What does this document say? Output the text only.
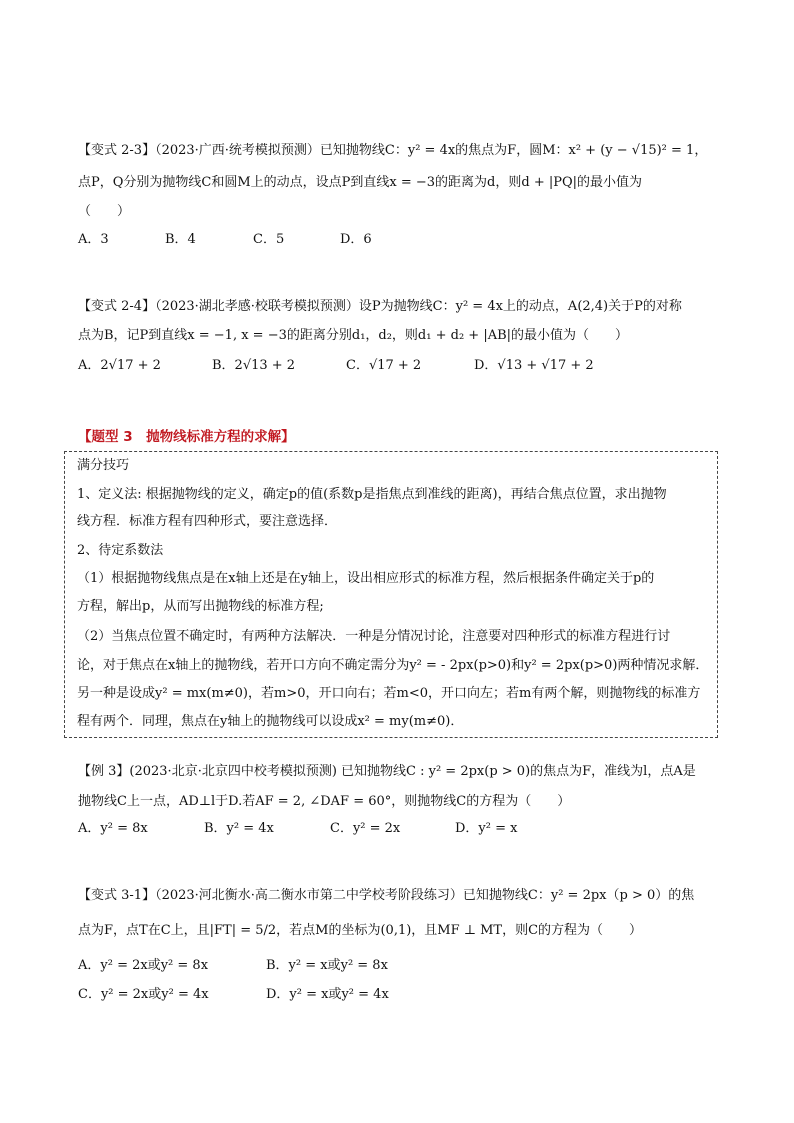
【变式 2-3】（2023·广西·统考模拟预测）已知抛物线C：y² = 4x的焦点为F，圆M：x² + (y − √15)² = 1，
点P，Q分别为抛物线C和圆M上的动点，设点P到直线x = −3的距离为d，则d + |PQ|的最小值为
（　　）
A．3	B．4	C．5	D．6
【变式 2-4】（2023·湖北孝感·校联考模拟预测）设P为抛物线C：y² = 4x上的动点，A(2,4)关于P的对称
点为B，记P到直线x = −1, x = −3的距离分别d₁，d₂，则d₁ + d₂ + |AB|的最小值为（　　）
A．2√17 + 2	B．2√13 + 2	C．√17 + 2	D．√13 + √17 + 2
【题型 3　抛物线标准方程的求解】
满分技巧
1、定义法: 根据抛物线的定义，确定p的值(系数p是指焦点到准线的距离)，再结合焦点位置，求出抛物
线方程．标准方程有四种形式，要注意选择．
2、待定系数法
（1）根据抛物线焦点是在x轴上还是在y轴上，设出相应形式的标准方程，然后根据条件确定关于p的
方程，解出p，从而写出抛物线的标准方程;
（2）当焦点位置不确定时，有两种方法解决．一种是分情况讨论，注意要对四种形式的标准方程进行讨
论，对于焦点在x轴上的抛物线，若开口方向不确定需分为y² = - 2px(p>0)和y² = 2px(p>0)两种情况求解．
另一种是设成y² = mx(m≠0)，若m>0，开口向右；若m<0，开口向左；若m有两个解，则抛物线的标准方
程有两个．同理，焦点在y轴上的抛物线可以设成x² = my(m≠0)．
【例 3】(2023·北京·北京四中校考模拟预测) 已知抛物线C : y² = 2px(p > 0)的焦点为F，准线为l，点A是
抛物线C上一点，AD⊥l于D.若AF = 2, ∠DAF = 60°，则抛物线C的方程为（　　）
A．y² = 8x	B．y² = 4x	C．y² = 2x	D．y² = x
【变式 3-1】（2023·河北衡水·高二衡水市第二中学校考阶段练习）已知抛物线C：y² = 2px（p > 0）的焦
点为F，点T在C上，且|FT| = 5/2，若点M的坐标为(0,1)，且MF ⊥ MT，则C的方程为（　　）
A．y² = 2x或y² = 8x	B．y² = x或y² = 8x
C．y² = 2x或y² = 4x	D．y² = x或y² = 4x
